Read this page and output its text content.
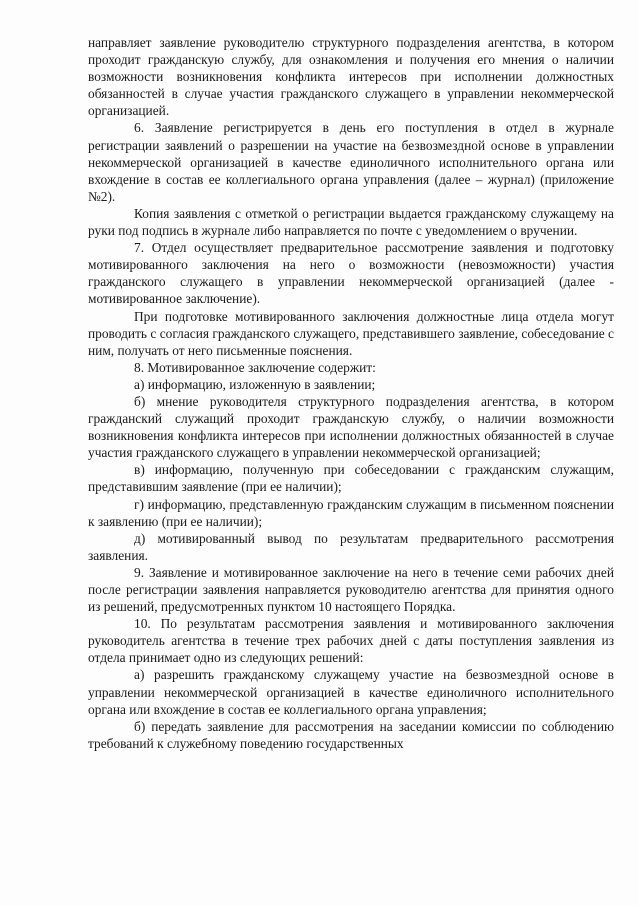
направляет заявление руководителю структурного подразделения агентства, в котором проходит гражданскую службу, для ознакомления и получения его мнения о наличии возможности возникновения конфликта интересов при исполнении должностных обязанностей в случае участия гражданского служащего в управлении некоммерческой организацией.

6. Заявление регистрируется в день его поступления в отдел в журнале регистрации заявлений о разрешении на участие на безвозмездной основе в управлении некоммерческой организацией в качестве единоличного исполнительного органа или вхождение в состав ее коллегиального органа управления (далее – журнал) (приложение №2).

Копия заявления с отметкой о регистрации выдается гражданскому служащему на руки под подпись в журнале либо направляется по почте с уведомлением о вручении.

7. Отдел осуществляет предварительное рассмотрение заявления и подготовку мотивированного заключения на него о возможности (невозможности) участия гражданского служащего в управлении некоммерческой организацией (далее - мотивированное заключение).

При подготовке мотивированного заключения должностные лица отдела могут проводить с согласия гражданского служащего, представившего заявление, собеседование с ним, получать от него письменные пояснения.

8. Мотивированное заключение содержит:

а) информацию, изложенную в заявлении;

б) мнение руководителя структурного подразделения агентства, в котором гражданский служащий проходит гражданскую службу, о наличии возможности возникновения конфликта интересов при исполнении должностных обязанностей в случае участия гражданского служащего в управлении некоммерческой организацией;

в) информацию, полученную при собеседовании с гражданским служащим, представившим заявление (при ее наличии);

г) информацию, представленную гражданским служащим в письменном пояснении к заявлению (при ее наличии);

д) мотивированный вывод по результатам предварительного рассмотрения заявления.

9. Заявление и мотивированное заключение на него в течение семи рабочих дней после регистрации заявления направляется руководителю агентства для принятия одного из решений, предусмотренных пунктом 10 настоящего Порядка.

10. По результатам рассмотрения заявления и мотивированного заключения руководитель агентства в течение трех рабочих дней с даты поступления заявления из отдела принимает одно из следующих решений:

а) разрешить гражданскому служащему участие на безвозмездной основе в управлении некоммерческой организацией в качестве единоличного исполнительного органа или вхождение в состав ее коллегиального органа управления;

б) передать заявление для рассмотрения на заседании комиссии по соблюдению требований к служебному поведению государственных
